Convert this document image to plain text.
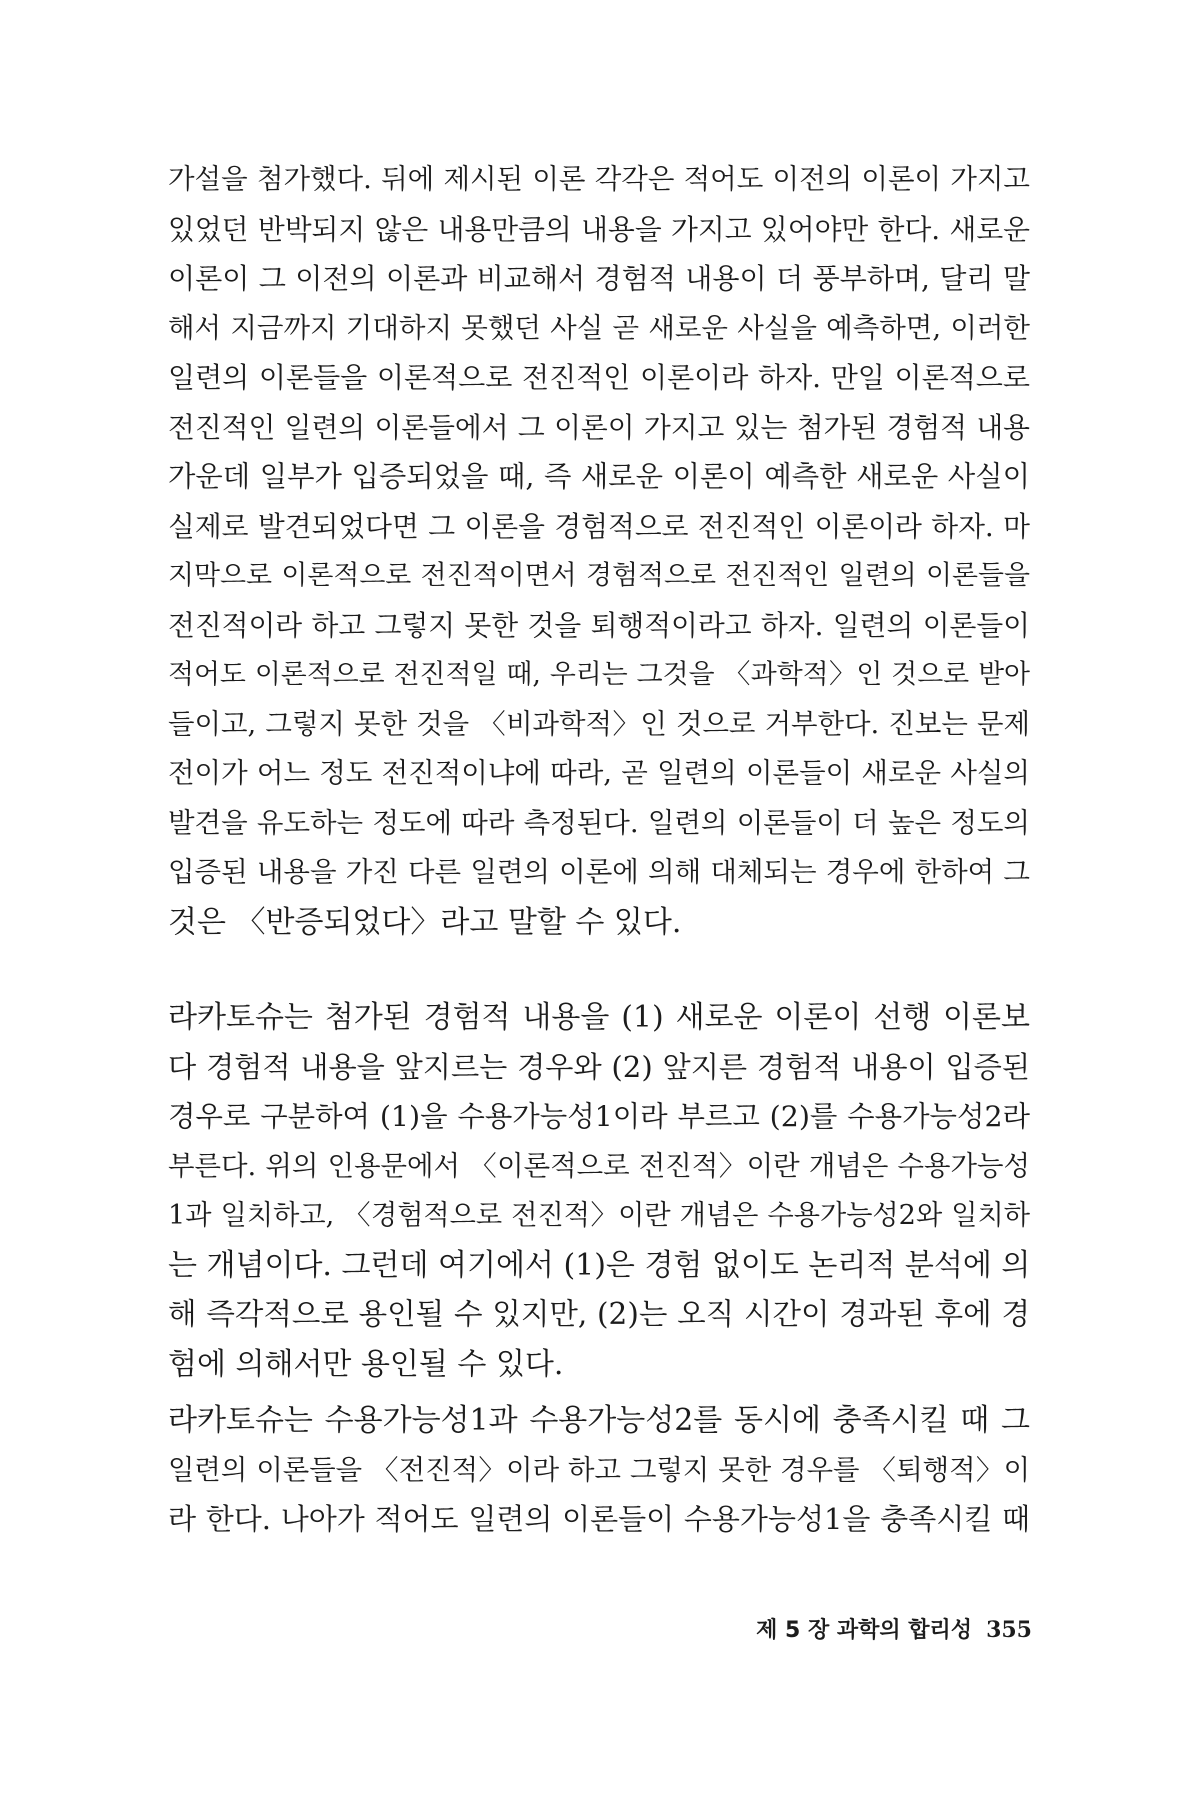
가설을 첨가했다. 뒤에 제시된 이론 각각은 적어도 이전의 이론이 가지고
있었던 반박되지 않은 내용만큼의 내용을 가지고 있어야만 한다. 새로운
이론이 그 이전의 이론과 비교해서 경험적 내용이 더 풍부하며, 달리 말
해서 지금까지 기대하지 못했던 사실 곧 새로운 사실을 예측하면, 이러한
일련의 이론들을 이론적으로 전진적인 이론이라 하자. 만일 이론적으로
전진적인 일련의 이론들에서 그 이론이 가지고 있는 첨가된 경험적 내용
가운데 일부가 입증되었을 때, 즉 새로운 이론이 예측한 새로운 사실이
실제로 발견되었다면 그 이론을 경험적으로 전진적인 이론이라 하자. 마
지막으로 이론적으로 전진적이면서 경험적으로 전진적인 일련의 이론들을
전진적이라 하고 그렇지 못한 것을 퇴행적이라고 하자. 일련의 이론들이
적어도 이론적으로 전진적일 때, 우리는 그것을 〈과학적〉인 것으로 받아
들이고, 그렇지 못한 것을 〈비과학적〉인 것으로 거부한다. 진보는 문제
전이가 어느 정도 전진적이냐에 따라, 곧 일련의 이론들이 새로운 사실의
발견을 유도하는 정도에 따라 측정된다. 일련의 이론들이 더 높은 정도의
입증된 내용을 가진 다른 일련의 이론에 의해 대체되는 경우에 한하여 그
것은 〈반증되었다〉라고 말할 수 있다.
라카토슈는 첨가된 경험적 내용을 (1) 새로운 이론이 선행 이론보
다 경험적 내용을 앞지르는 경우와 (2) 앞지른 경험적 내용이 입증된
경우로 구분하여 (1)을 수용가능성1이라 부르고 (2)를 수용가능성2라
부른다. 위의 인용문에서 〈이론적으로 전진적〉이란 개념은 수용가능성
1과 일치하고, 〈경험적으로 전진적〉이란 개념은 수용가능성2와 일치하
는 개념이다. 그런데 여기에서 (1)은 경험 없이도 논리적 분석에 의
해 즉각적으로 용인될 수 있지만, (2)는 오직 시간이 경과된 후에 경
험에 의해서만 용인될 수 있다.
라카토슈는 수용가능성1과 수용가능성2를 동시에 충족시킬 때 그
일련의 이론들을 〈전진적〉이라 하고 그렇지 못한 경우를 〈퇴행적〉이
라 한다. 나아가 적어도 일련의 이론들이 수용가능성1을 충족시킬 때
제 5 장 과학의 합리성 355
